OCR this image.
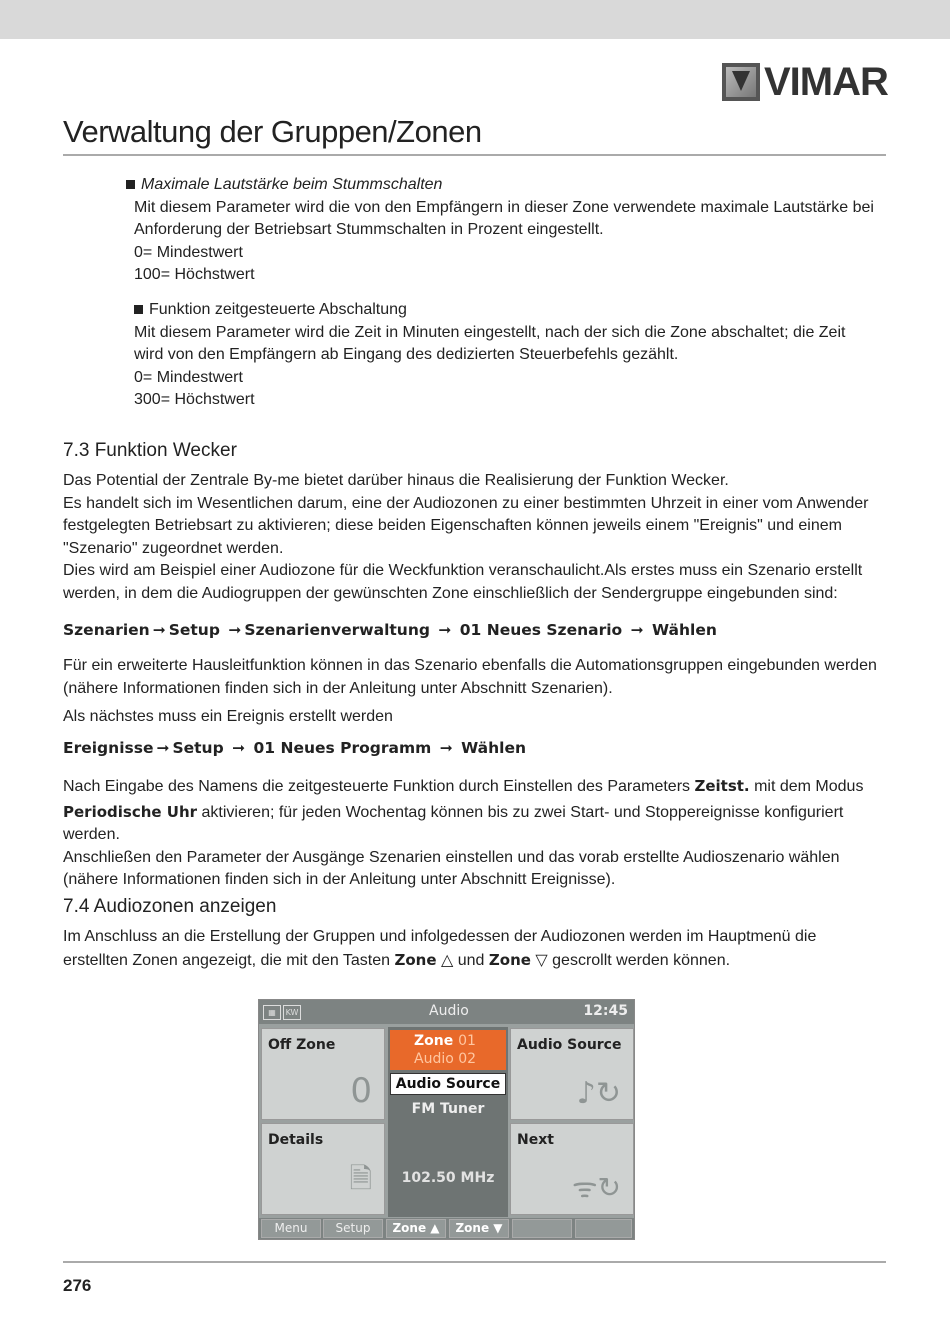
VIMAR
Verwaltung der Gruppen/Zonen
Maximale Lautstärke beim Stummschalten
Mit diesem Parameter wird die von den Empfängern in dieser Zone verwendete maximale Lautstärke bei Anforderung der Betriebsart Stummschalten in Prozent eingestellt.
0= Mindestwert
100= Höchstwert
Funktion zeitgesteuerte Abschaltung
Mit diesem Parameter wird die Zeit in Minuten eingestellt, nach der sich die Zone abschaltet; die Zeit wird von den Empfängern ab Eingang des dedizierten Steuerbefehls gezählt.
0= Mindestwert
300= Höchstwert
7.3 Funktion Wecker
Das Potential der Zentrale By-me bietet darüber hinaus die Realisierung der Funktion Wecker.
Es handelt sich im Wesentlichen darum, eine der Audiozonen zu einer bestimmten Uhrzeit in einer vom Anwender festgelegten Betriebsart zu aktivieren; diese beiden Eigenschaften können jeweils einem "Ereignis" und einem "Szenario" zugeordnet werden.
Dies wird am Beispiel einer Audiozone für die Weckfunktion veranschaulicht.Als erstes muss ein Szenario erstellt werden, in dem die Audiogruppen der gewünschten Zone einschließlich der Sendergruppe eingebunden sind:
Szenarien ➞ Setup ➞ Szenarienverwaltung ➞ 01 Neues Szenario ➞ Wählen
Für ein erweiterte Hausleitfunktion können in das Szenario ebenfalls die Automationsgruppen eingebunden werden (nähere Informationen finden sich in der Anleitung unter Abschnitt Szenarien).
Als nächstes muss ein Ereignis erstellt werden
Ereignisse ➞ Setup ➞ 01 Neues Programm ➞ Wählen
Nach Eingabe des Namens die zeitgesteuerte Funktion durch Einstellen des Parameters Zeitst. mit dem Modus
Periodische Uhr aktivieren; für jeden Wochentag können bis zu zwei Start- und Stoppereignisse konfiguriert werden.
Anschließen den Parameter der Ausgänge Szenarien einstellen und das vorab erstellte Audioszenario wählen (nähere Informationen finden sich in der Anleitung unter Abschnitt Ereignisse).
7.4 Audiozonen anzeigen
Im Anschluss an die Erstellung der Gruppen und infolgedessen der Audiozonen werden im Hauptmenü die erstellten Zonen angezeigt, die mit den Tasten Zone △ und Zone ▽ gescrollt werden können.
▦	KW	Audio	12:45
Off Zone
0
Details
🗎
Audio Source
♪↻
Next
ᯤ↻
Zone 01
Audio 02
Audio Source
FM Tuner
102.50 MHz
Menu	Setup	Zone ▲	Zone ▼
276
